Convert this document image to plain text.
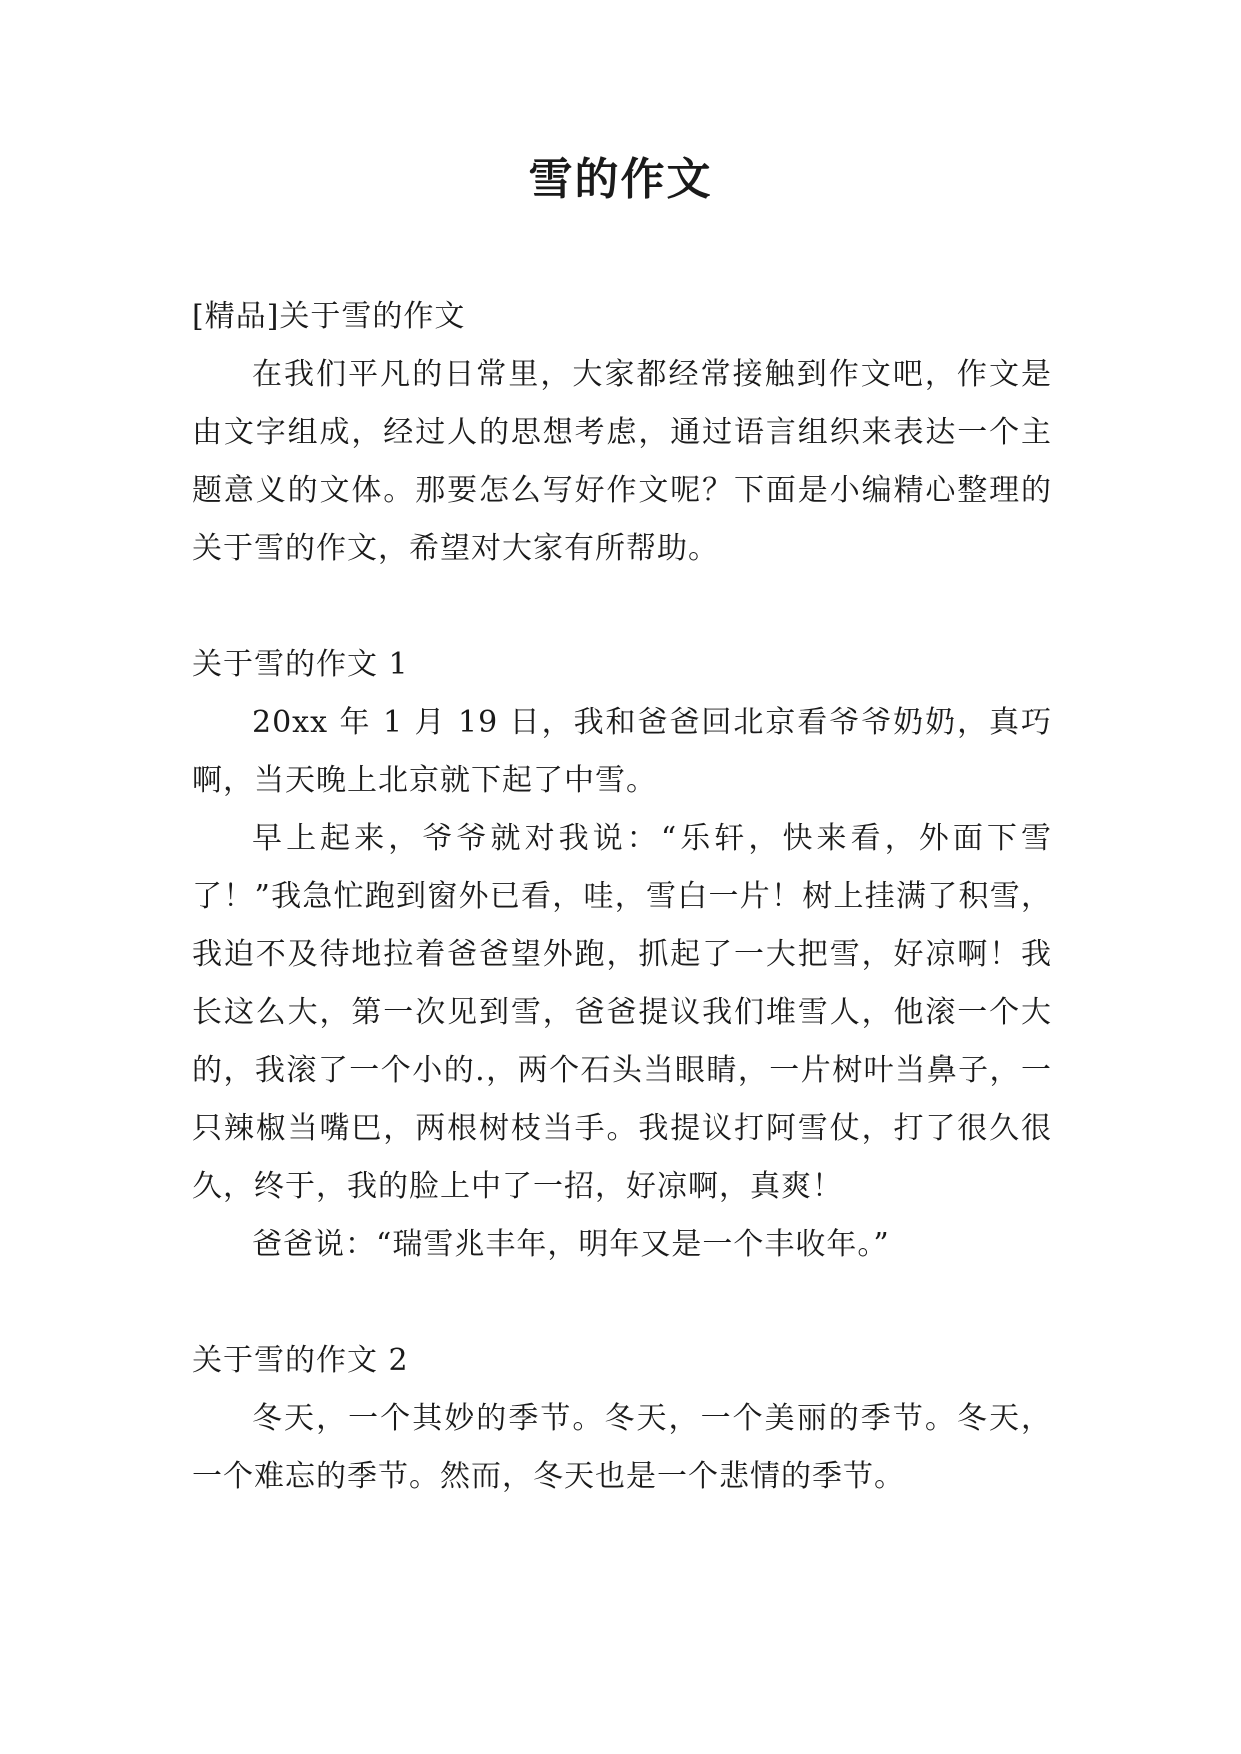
雪的作文

[精品]关于雪的作文

在我们平凡的日常里，大家都经常接触到作文吧，作文是由文字组成，经过人的思想考虑，通过语言组织来表达一个主题意义的文体。那要怎么写好作文呢？下面是小编精心整理的关于雪的作文，希望对大家有所帮助。

关于雪的作文 1

20xx 年 1 月 19 日，我和爸爸回北京看爷爷奶奶，真巧啊，当天晚上北京就下起了中雪。

早上起来，爷爷就对我说：“乐轩，快来看，外面下雪了！”我急忙跑到窗外已看，哇，雪白一片！树上挂满了积雪，我迫不及待地拉着爸爸望外跑，抓起了一大把雪，好凉啊！我长这么大，第一次见到雪，爸爸提议我们堆雪人，他滚一个大的，我滚了一个小的.，两个石头当眼睛，一片树叶当鼻子，一只辣椒当嘴巴，两根树枝当手。我提议打阿雪仗，打了很久很久，终于，我的脸上中了一招，好凉啊，真爽！

爸爸说：“瑞雪兆丰年，明年又是一个丰收年。”

关于雪的作文 2

冬天，一个其妙的季节。冬天，一个美丽的季节。冬天，一个难忘的季节。然而，冬天也是一个悲情的季节。
